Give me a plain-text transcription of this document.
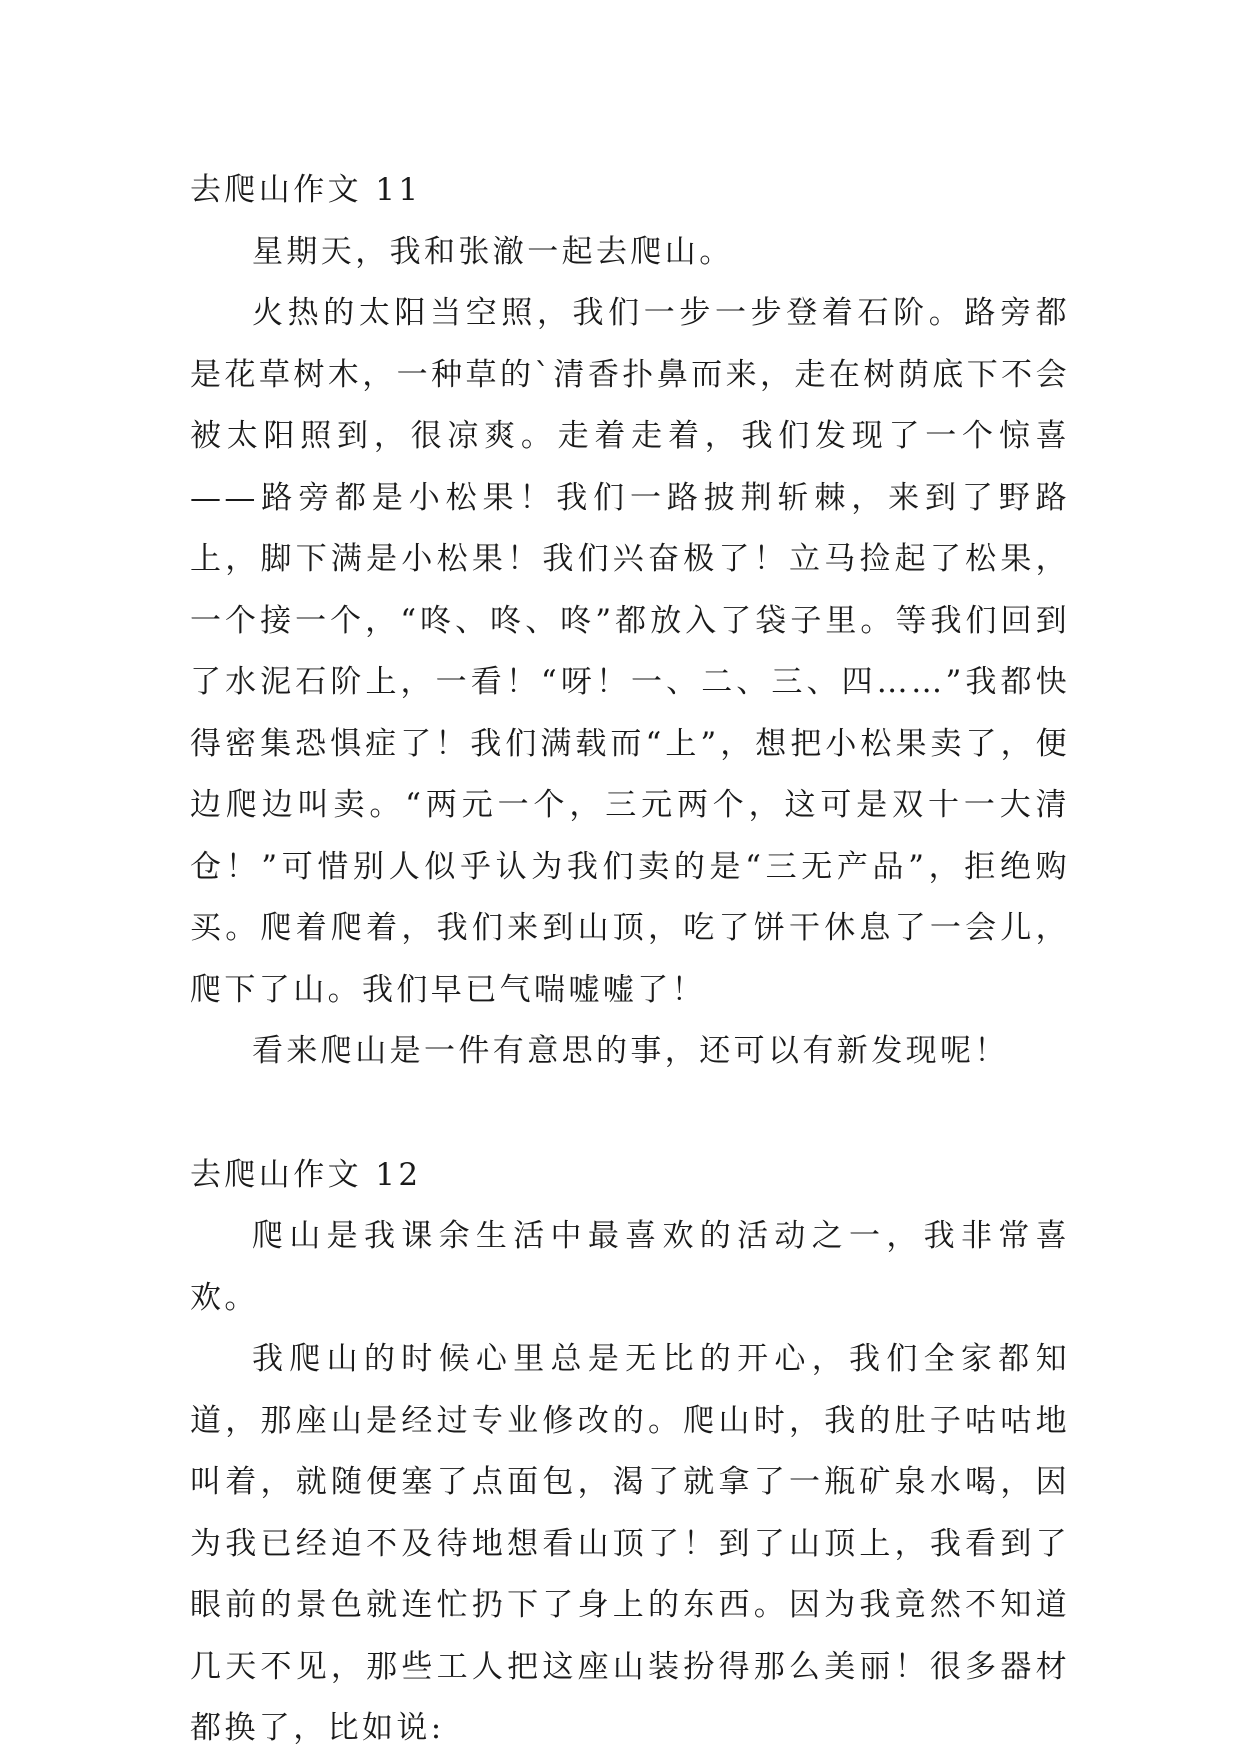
去爬山作文 11

星期天，我和张澈一起去爬山。

火热的太阳当空照，我们一步一步登着石阶。路旁都是花草树木，一种草的`清香扑鼻而来，走在树荫底下不会被太阳照到，很凉爽。走着走着，我们发现了一个惊喜——路旁都是小松果！我们一路披荆斩棘，来到了野路上，脚下满是小松果！我们兴奋极了！立马捡起了松果，一个接一个，“咚、咚、咚”都放入了袋子里。等我们回到了水泥石阶上，一看！“呀！一、二、三、四……”我都快得密集恐惧症了！我们满载而“上”，想把小松果卖了，便边爬边叫卖。“两元一个，三元两个，这可是双十一大清仓！”可惜别人似乎认为我们卖的是“三无产品”，拒绝购买。爬着爬着，我们来到山顶，吃了饼干休息了一会儿，爬下了山。我们早已气喘嘘嘘了！

看来爬山是一件有意思的事，还可以有新发现呢！

去爬山作文 12

爬山是我课余生活中最喜欢的活动之一，我非常喜欢。

我爬山的时候心里总是无比的开心，我们全家都知道，那座山是经过专业修改的。爬山时，我的肚子咕咕地叫着，就随便塞了点面包，渴了就拿了一瓶矿泉水喝，因为我已经迫不及待地想看山顶了！到了山顶上，我看到了眼前的景色就连忙扔下了身上的东西。因为我竟然不知道几天不见，那些工人把这座山装扮得那么美丽！很多器材都换了，比如说:
